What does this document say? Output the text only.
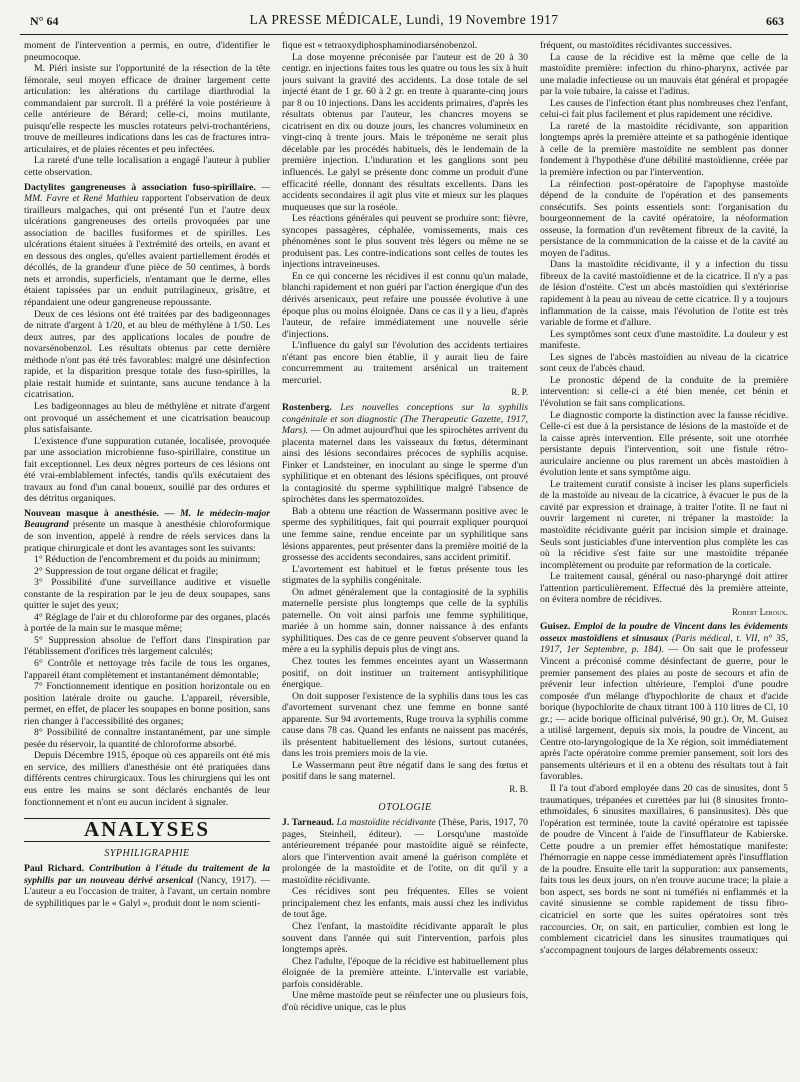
N° 64	LA PRESSE MÉDICALE, Lundi, 19 Novembre 1917	663

moment de l'intervention a permis, en outre, d'identifier le pneumocoque.

M. Piéri insiste sur l'opportunité de la résection de la tête fémorale, seul moyen efficace de drainer largement cette articulation: les altérations du cartilage diarthrodial la commandaient par surcroît. Il a préféré la voie postérieure à celle antérieure de Bérard; celle-ci, moins mutilante, puisqu'elle respecte les muscles rotateurs pelvi-trochantériens, trouve de meilleures indications dans les cas de fractures intra-articulaires, et de plaies récentes et peu infectées.

La rareté d'une telle localisation a engagé l'auteur à publier cette observation.

Dactylites gangreneuses à association fuso-spirillaire. — MM. Favre et René Mathieu rapportent l'observation de deux tirailleurs malgaches, qui ont présenté l'un et l'autre deux ulcérations gangreneuses des orteils provoquées par une association de bacilles fusiformes et de spirilles. Les ulcérations étaient situées à l'extrémité des orteils, en avant et en dessous des ongles, qu'elles avaient partiellement érodés et décollés, de la grandeur d'une pièce de 50 centimes, à bords nets et arrondis, superficiels, n'entamant que le derme, elles étaient tapissées par un enduit putrilagineux, grisâtre, et répandaient une odeur gangreneuse repoussante.

Deux de ces lésions ont été traitées par des badigeonnages de nitrate d'argent à 1/20, et au bleu de méthylène à 1/50. Les deux autres, par des applications locales de poudre de novarsénobenzol. Les résultats obtenus par cette dernière méthode n'ont pas été très favorables: malgré une désinfection rapide, et la disparition presque totale des fuso-spirilles, la plaie restait humide et suintante, sans aucune tendance à la cicatrisation.

Les badigeonnages au bleu de méthylène et nitrate d'argent ont provoqué un asséchement et une cicatrisation beaucoup plus satisfaisante.

L'existence d'une suppuration cutanée, localisée, provoquée par une association microbienne fuso-spirillaire, constitue un fait exceptionnel. Les deux nègres porteurs de ces lésions ont été vrai-emblablement infectés, tandis qu'ils exécutaient des travaux au fond d'un canal boueux, souillé par des ordures et des détritus organiques.

Nouveau masque à anesthésie. — M. le médecin-major Beaugrand présente un masque à anesthésie chloroformique de son invention, appelé à rendre de réels services dans la pratique chirurgicale et dont les avantages sont les suivants:

1° Réduction de l'encombrement et du poids au minimum;

2° Suppression de tout organe délicat et fragile;

3° Possibilité d'une surveillance auditive et visuelle constante de la respiration par le jeu de deux soupapes, sans quitter le sujet des yeux;

4° Réglage de l'air et du chloroforme par des organes, placés à portée de la main sur le masque même;

5° Suppression absolue de l'effort dans l'inspiration par l'établissement d'orifices très largement calculés;

6° Contrôle et nettoyage très facile de tous les organes, l'appareil étant complètement et instantanément démontable;

7° Fonctionnement identique en position horizontale ou en position latérale droite ou gauche. L'appareil, réversible, permet, en effet, de placer les soupapes en bonne position, sans rien changer à l'accessibilité des organes;

8° Possibilité de connaître instantanément, par une simple pesée du réservoir, la quantité de chloroforme absorbé.

Depuis Décembre 1915, époque où ces appareils ont été mis en service, des milliers d'anesthésie ont été pratiquées dans différents centres chirurgicaux. Tous les chirurgiens qui les ont eus entre les mains se sont déclarés enchantés de leur fonctionnement et n'ont eu aucun incident à signaler.

ANALYSES
SYPHILIGRAPHIE

Paul Richard. Contribution à l'étude du traitement de la syphilis par un nouveau dérivé arsenical (Nancy, 1917). — L'auteur a eu l'occasion de traiter, à l'avant, un certain nombre de syphilitiques par le « Galyl », produit dont le nom scienti-

fique est « tetraoxydiphosphaminodiarsénobenzol.

La dose moyenne préconisée par l'auteur est de 20 à 30 centigr. en injections faites tous les quatre ou tous les six à huit jours suivant la gravité des accidents. La dose totale de sel injecté étant de 1 gr. 60 à 2 gr. en trente à quarante-cinq jours par 8 ou 10 injections. Dans les accidents primaires, d'après les résultats obtenus par l'auteur, les chancres moyens se cicatrisent en dix ou douze jours, les chancres volumineux en vingt-cinq à trente jours. Mais le tréponème ne serait plus décelable par les procédés habituels, dès le lendemain de la première injection. L'induration et les ganglions sont peu influencés. Le galyl se présente donc comme un produit d'une efficacité réelle, donnant des résultats excellents. Dans les accidents secondaires il agit plus vite et mieux sur les plaques muqueuses que sur la roséole.

Les réactions générales qui peuvent se produire sont: fièvre, syncopes passagères, céphalée, vomissements, mais ces phénomènes sont le plus souvent très légers ou même ne se produisent pas. Les contre-indications sont celles de toutes les injections intraveineuses.

En ce qui concerne les récidives il est connu qu'un malade, blanchi rapidement et non guéri par l'action énergique d'un des dérivés arsenicaux, peut refaire une poussée évolutive à une époque plus ou moins éloignée. Dans ce cas il y a lieu, d'après l'auteur, de refaire immédiatement une nouvelle série d'injections.

L'influence du galyl sur l'évolution des accidents tertiaires n'étant pas encore bien établie, il y aurait lieu de faire concurremment au traitement arsénical un traitement mercuriel.

R. P.

Rostenberg. Les nouvelles conceptions sur la syphilis congénitale et son diagnostic (The Therapeutic Gazette, 1917, Mars). — On admet aujourd'hui que les spirochètes arrivent du placenta maternel dans les vaisseaux du fœtus, déterminant ainsi des lésions secondaires précoces de syphilis acquise. Finker et Landsteiner, en inoculant au singe le sperme d'un syphilitique et en obtenant des lésions spécifiques, ont prouvé la contagiosité du sperme syphilitique malgré l'absence de spirochètes dans les spermatozoïdes.

Bab a obtenu une réaction de Wassermann positive avec le sperme des syphilitiques, fait qui pourrait expliquer pourquoi une femme saine, rendue enceinte par un syphilitique sans lésions apparentes, peut présenter dans la première moitié de la grossesse des accidents secondaires, sans accident primitif.

L'avortement est habituel et le fœtus présente tous les stigmates de la syphilis congénitale.

On admet généralement que la contagiosité de la syphilis maternelle persiste plus longtemps que celle de la syphilis paternelle. On voit ainsi parfois une femme syphilitique, mariée à un homme sain, donner naissance à des enfants syphilitiques. Des cas de ce genre peuvent s'observer quand la mère a eu la syphilis depuis plus de vingt ans.

Chez toutes les femmes enceintes ayant un Wassermann positif, on doit instituer un traitement antisyphilitique énergique.

On doit supposer l'existence de la syphilis dans tous les cas d'avortement survenant chez une femme en bonne santé apparente. Sur 94 avortements, Ruge trouva la syphilis comme cause dans 78 cas. Quand les enfants ne naissent pas macérés, ils présentent habituellement des lésions, surtout cutanées, dans les trois premiers mois de la vie.

Le Wassermann peut être négatif dans le sang des fœtus et positif dans le sang maternel.

R. B.
OTOLOGIE

J. Tarneaud. La mastoïdite récidivante (Thèse, Paris, 1917, 70 pages, Steinheil, éditeur). — Lorsqu'une mastoïde antérieurement trépanée pour mastoïdite aiguë se réinfecte, alors que l'intervention avait amené la guérison complète et prolongée de la mastoïdite et de l'otite, on dit qu'il y a mastoïdite récidivante.

Ces récidives sont peu fréquentes. Elles se voient principalement chez les enfants, mais aussi chez les individus de tout âge.

Chez l'enfant, la mastoïdite récidivante apparaît le plus souvent dans l'année qui suit l'intervention, parfois plus longtemps après.

Chez l'adulte, l'époque de la récidive est habituellement plus éloignée de la première atteinte. L'intervalle est variable, parfois considérable.

Une même mastoïde peut se réinfecter une ou plusieurs fois, d'où récidive unique, cas le plus

fréquent, ou mastoïdites récidivantes successives.

La cause de la récidive est la même que celle de la mastoïdite première: infection du rhino-pharynx, activée par une maladie infectieuse ou un mauvais état général et propagée par la voie tubaire, la caisse et l'aditus.

Les causes de l'infection étant plus nombreuses chez l'enfant, celui-ci fait plus facilement et plus rapidement une récidive.

La rareté de la mastoïdite récidivante, son apparition longtemps après la première atteinte et sa pathogénie identique à celle de la première mastoïdite ne semblent pas donner fondement à l'hypothèse d'une débilité mastoïdienne, créée par la première infection ou par l'intervention.

La réinfection post-opératoire de l'apophyse mastoïde dépend de la conduite de l'opération et des pansements consécutifs. Ses points essentiels sont: l'organisation du bourgeonnement de la cavité opératoire, la néoformation osseuse, la formation d'un revêtement fibreux de la cavité, la persistance de la communication de la caisse et de la cavité au moyen de l'aditus.

Dans la mastoïdite récidivante, il y a infection du tissu fibreux de la cavité mastoïdienne et de la cicatrice. Il n'y a pas de lésion d'ostéite. C'est un abcès mastoïdien qui s'extériorise rapidement à la peau au niveau de cette cicatrice. Il y a toujours inflammation de la caisse, mais l'évolution de l'otite est très variable de forme et d'allure.

Les symptômes sont ceux d'une mastoïdite. La douleur y est manifeste.

Les signes de l'abcès mastoïdien au niveau de la cicatrice sont ceux de l'abcès chaud.

Le pronostic dépend de la conduite de la première intervention: si celle-ci a été bien menée, cet bénin et l'évolution se fait sans complications.

Le diagnostic comporte la distinction avec la fausse récidive. Celle-ci est due à la persistance de lésions de la mastoïde et de la caisse après intervention. Elle présente, soit une otorrhée persistante depuis l'intervention, soit une fistule rétro-auriculaire ancienne ou plus rarement un abcès mastoïdien à évolution lente et sans symptôme aigu.

Le traitement curatif consiste à inciser les plans superficiels de la mastoïde au niveau de la cicatrice, à évacuer le pus de la cavité par expression et drainage, à traiter l'otite. Il ne faut ni ouvrir largement ni cureter, ni trépaner la mastoïde: la mastoïdite récidivante guérit par incision simple et drainage. Seuls sont justiciables d'une intervention plus complète les cas où la récidive s'est faite sur une mastoïdite trépanée incomplètement ou produite par reformation de la corticale.

Le traitement causal, général ou naso-pharyngé doit attirer l'attention particulièrement. Effectué dès la première atteinte, on évitera nombre de récidives.

Robert Leroux.

Guisez. Emploi de la poudre de Vincent dans les évidements osseux mastoïdiens et sinusaux (Paris médical, t. VII, n° 35, 1917, 1er Septembre, p. 184). — On sait que le professeur Vincent a préconisé comme désinfectant de guerre, pour le premier pansement des plaies au poste de secours et afin de prévenir leur infection ultérieure, l'emploi d'une poudre composée d'un mélange d'hypochlorite de chaux et d'acide borique (hypochlorite de chaux titrant 100 à 110 litres de Cl, 10 gr.; — acide borique officinal pulvérisé, 90 gr.). Or, M. Guisez a utilisé largement, depuis six mois, la poudre de Vincent, au Centre oto-laryngologique de la Xe région, soit immédiatement après l'acte opératoire comme premier pansement, soit lors des pansements ultérieurs et il en a obtenu des résultats tout à fait favorables.

Il l'a tout d'abord employée dans 20 cas de sinusites, dont 5 traumatiques, trépanées et curettées par lui (8 sinusites fronto-ethmoïdales, 6 sinusites maxillaires, 6 pansinusites). Dès que l'opération est terminée, toute la cavité opératoire est tapissée de poudre de Vincent à l'aide de l'insufflateur de Kabierske. Cette poudre a un premier effet hémostatique manifeste: l'hémorragie en nappe cesse immédiatement après l'insufflation de la poudre. Ensuite elle tarit la suppuration: aux pansements, faits tous les deux jours, on n'en trouve aucune trace; la plaie a bon aspect, ses bords ne sont ni tuméfiés ni enflammés et la cavité sinusienne se comble rapidement de tissu fibro-cicatriciel en sorte que les suites opératoires sont très raccourcies. Or, on sait, en particulier, combien est long le comblement cicatriciel dans les sinusites traumatiques qui s'accompagnent toujours de larges délabrements osseux:
